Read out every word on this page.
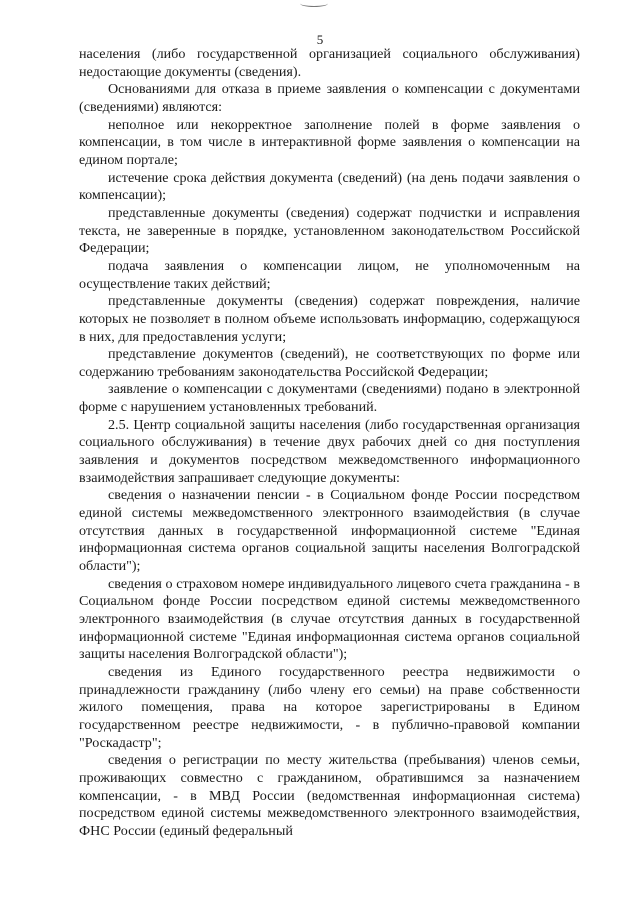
5

населения (либо государственной организацией социального обслуживания) недостающие документы (сведения).

Основаниями для отказа в приеме заявления о компенсации с документами (сведениями) являются:

неполное или некорректное заполнение полей в форме заявления о компенсации, в том числе в интерактивной форме заявления о компенсации на едином портале;

истечение срока действия документа (сведений) (на день подачи заявления о компенсации);

представленные документы (сведения) содержат подчистки и исправления текста, не заверенные в порядке, установленном законодательством Российской Федерации;

подача заявления о компенсации лицом, не уполномоченным на осуществление таких действий;

представленные документы (сведения) содержат повреждения, наличие которых не позволяет в полном объеме использовать информацию, содержащуюся в них, для предоставления услуги;

представление документов (сведений), не соответствующих по форме или содержанию требованиям законодательства Российской Федерации;

заявление о компенсации с документами (сведениями) подано в электронной форме с нарушением установленных требований.

2.5. Центр социальной защиты населения (либо государственная организация социального обслуживания) в течение двух рабочих дней со дня поступления заявления и документов посредством межведомственного информационного взаимодействия запрашивает следующие документы:

сведения о назначении пенсии - в Социальном фонде России посредством единой системы межведомственного электронного взаимодействия (в случае отсутствия данных в государственной информационной системе "Единая информационная система органов социальной защиты населения Волгоградской области");

сведения о страховом номере индивидуального лицевого счета гражданина - в Социальном фонде России посредством единой системы межведомственного электронного взаимодействия (в случае отсутствия данных в государственной информационной системе "Единая информационная система органов социальной защиты населения Волгоградской области");

сведения из Единого государственного реестра недвижимости о принадлежности гражданину (либо члену его семьи) на праве собственности жилого помещения, права на которое зарегистрированы в Едином государственном реестре недвижимости, - в публично-правовой компании "Роскадастр";

сведения о регистрации по месту жительства (пребывания) членов семьи, проживающих совместно с гражданином, обратившимся за назначением компенсации, - в МВД России (ведомственная информационная система) посредством единой системы межведомственного электронного взаимодействия, ФНС России (единый федеральный
